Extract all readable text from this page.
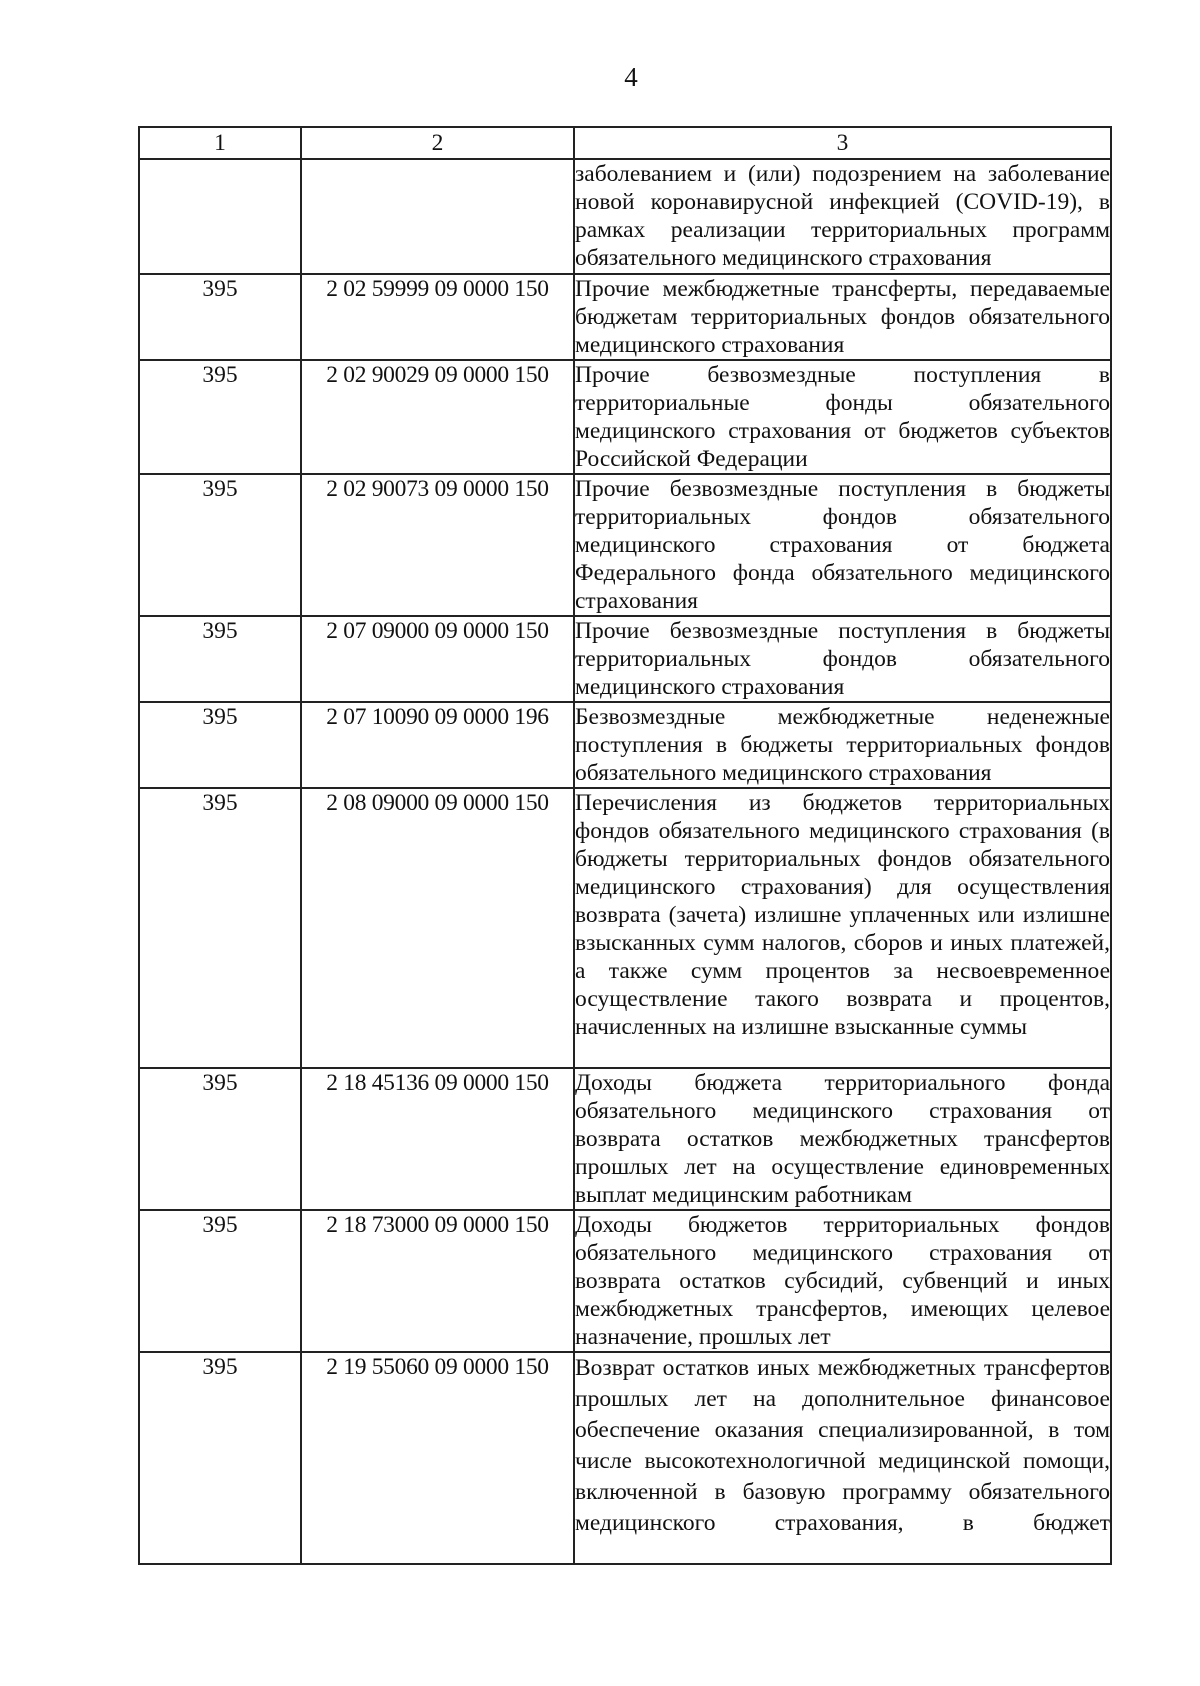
4
1	2	3
		заболеванием и (или) подозрением на заболевание новой коронавирусной инфекцией (COVID-19), в рамках реализации территориальных программ обязательного медицинского страхования
395	2 02 59999 09 0000 150	Прочие межбюджетные трансферты, передаваемые бюджетам территориальных фондов обязательного медицинского страхования
395	2 02 90029 09 0000 150	Прочие безвозмездные поступления в территориальные фонды обязательного медицинского страхования от бюджетов субъектов Российской Федерации
395	2 02 90073 09 0000 150	Прочие безвозмездные поступления в бюджеты территориальных фондов обязательного медицинского страхования от бюджета Федерального фонда обязательного медицинского страхования
395	2 07 09000 09 0000 150	Прочие безвозмездные поступления в бюджеты территориальных фондов обязательного медицинского страхования
395	2 07 10090 09 0000 196	Безвозмездные межбюджетные неденежные поступления в бюджеты территориальных фондов обязательного медицинского страхования
395	2 08 09000 09 0000 150	Перечисления из бюджетов территориальных фондов обязательного медицинского страхования (в бюджеты территориальных фондов обязательного медицинского страхования) для осуществления возврата (зачета) излишне уплаченных или излишне взысканных сумм налогов, сборов и иных платежей, а также сумм процентов за несвоевременное осуществление такого возврата и процентов, начисленных на излишне взысканные суммы
395	2 18 45136 09 0000 150	Доходы бюджета территориального фонда обязательного медицинского страхования от возврата остатков межбюджетных трансфертов прошлых лет на осуществление единовременных выплат медицинским работникам
395	2 18 73000 09 0000 150	Доходы бюджетов территориальных фондов обязательного медицинского страхования от возврата остатков субсидий, субвенций и иных межбюджетных трансфертов, имеющих целевое назначение, прошлых лет
395	2 19 55060 09 0000 150	Возврат остатков иных межбюджетных трансфертов прошлых лет на дополнительное финансовое обеспечение оказания специализированной, в том числе высокотехнологичной медицинской помощи, включенной в базовую программу обязательного медицинского страхования, в бюджет
